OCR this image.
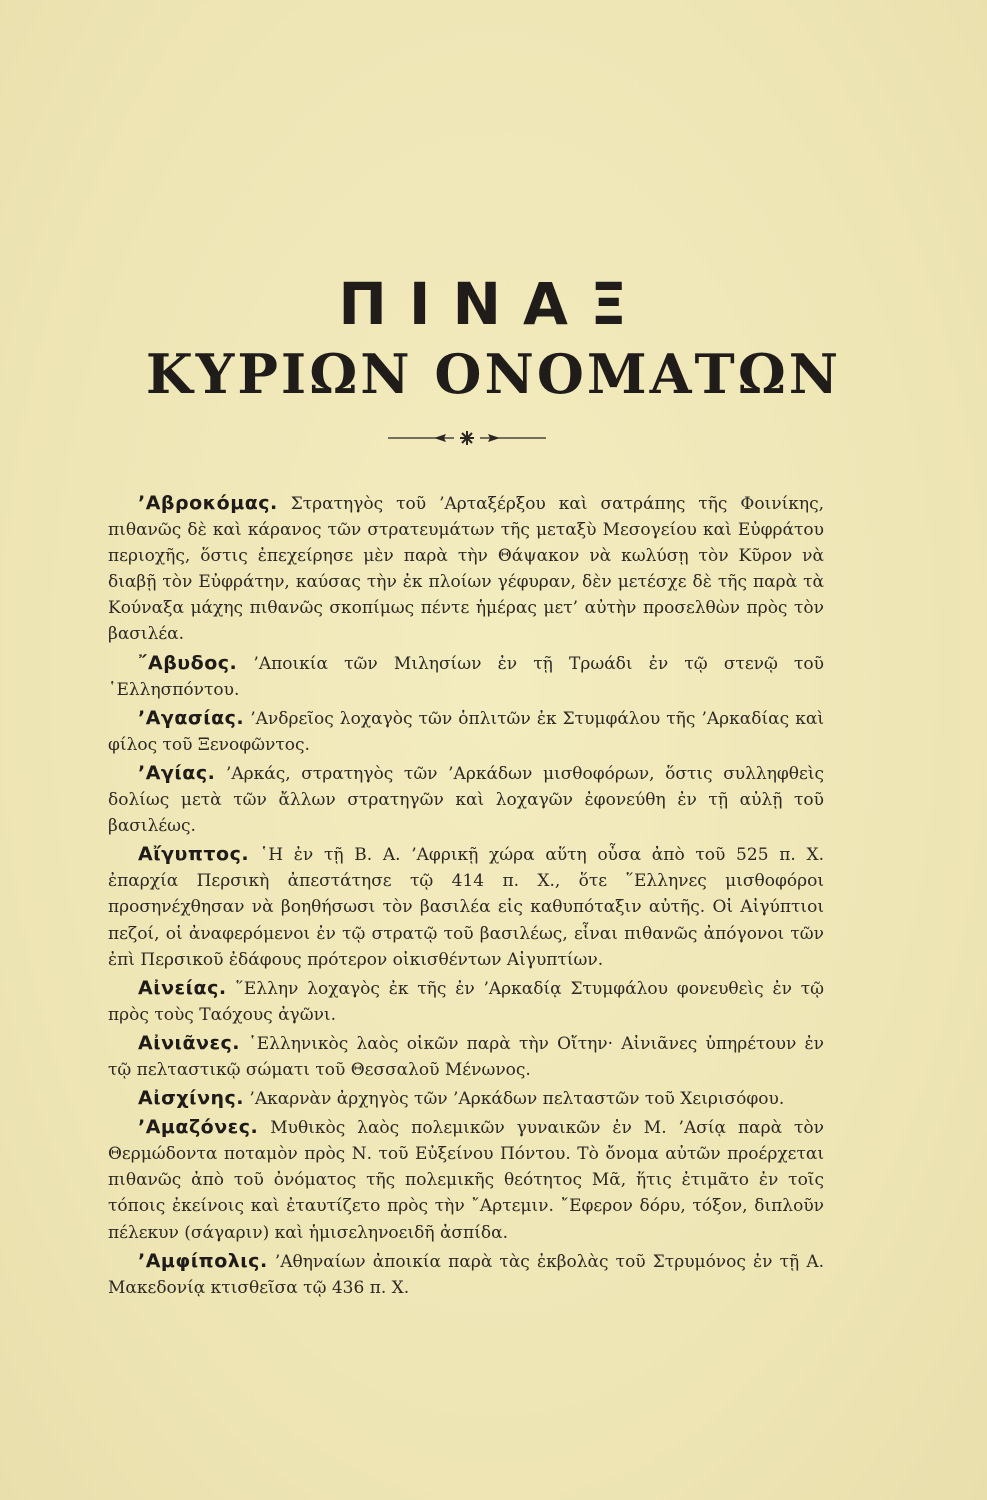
ΠΙΝΑΞ
ΚΥΡΙΩΝ ΟΝΟΜΑΤΩΝ

’Αβροκόμας. Στρατηγὸς τοῦ ’Αρταξέρξου καὶ σατράπης τῆς Φοινίκης, πιθανῶς δὲ καὶ κάρανος τῶν στρατευμάτων τῆς μεταξὺ Μεσογείου καὶ Εὐφράτου περιοχῆς, ὅστις ἐπεχείρησε μὲν παρὰ τὴν Θάψακον νὰ κωλύσῃ τὸν Κῦρον νὰ διαβῇ τὸν Εὐφράτην, καύσας τὴν ἐκ πλοίων γέφυραν, δὲν μετέσχε δὲ τῆς παρὰ τὰ Κούναξα μάχης πιθανῶς σκοπίμως πέντε ἡμέρας μετ’ αὐτὴν προσελθὼν πρὸς τὸν βασιλέα.

῎Αβυδος. ’Αποικία τῶν Μιλησίων ἐν τῇ Τρωάδι ἐν τῷ στενῷ τοῦ ῾Ελλησπόντου.

’Αγασίας. ’Ανδρεῖος λοχαγὸς τῶν ὁπλιτῶν ἐκ Στυμφάλου τῆς ’Αρκαδίας καὶ φίλος τοῦ Ξενοφῶντος.

’Αγίας. ’Αρκάς, στρατηγὸς τῶν ’Αρκάδων μισθοφόρων, ὅστις συλληφθεὶς δολίως μετὰ τῶν ἄλλων στρατηγῶν καὶ λοχαγῶν ἐφονεύθη ἐν τῇ αὐλῇ τοῦ βασιλέως.

Αἴγυπτος. ῾Η ἐν τῇ Β. Α. ’Αφρικῇ χώρα αὕτη οὖσα ἀπὸ τοῦ 525 π. Χ. ἐπαρχία Περσικὴ ἀπεστάτησε τῷ 414 π. Χ., ὅτε ῞Ελληνες μισθοφόροι προσηνέχθησαν νὰ βοηθήσωσι τὸν βασιλέα εἰς καθυπόταξιν αὐτῆς. Οἱ Αἰγύπτιοι πεζοί, οἱ ἀναφερόμενοι ἐν τῷ στρατῷ τοῦ βασιλέως, εἶναι πιθανῶς ἀπόγονοι τῶν ἐπὶ Περσικοῦ ἐδάφους πρότερον οἰκισθέντων Αἰγυπτίων.

Αἰνείας. ῞Ελλην λοχαγὸς ἐκ τῆς ἐν ’Αρκαδίᾳ Στυμφάλου φονευθεὶς ἐν τῷ πρὸς τοὺς Ταόχους ἀγῶνι.

Αἰνιᾶνες. ῾Ελληνικὸς λαὸς οἰκῶν παρὰ τὴν Οἴτην· Αἰνιᾶνες ὑπηρέτουν ἐν τῷ πελταστικῷ σώματι τοῦ Θεσσαλοῦ Μένωνος.

Αἰσχίνης. ’Ακαρνὰν ἀρχηγὸς τῶν ’Αρκάδων πελταστῶν τοῦ Χειρισόφου.

’Αμαζόνες. Μυθικὸς λαὸς πολεμικῶν γυναικῶν ἐν Μ. ’Ασίᾳ παρὰ τὸν Θερμώδοντα ποταμὸν πρὸς Ν. τοῦ Εὐξείνου Πόντου. Τὸ ὄνομα αὐτῶν προέρχεται πιθανῶς ἀπὸ τοῦ ὀνόματος τῆς πολεμικῆς θεότητος Μᾶ, ἥτις ἐτιμᾶτο ἐν τοῖς τόποις ἐκείνοις καὶ ἐταυτίζετο πρὸς τὴν ῎Αρτεμιν. ῎Εφερον δόρυ, τόξον, διπλοῦν πέλεκυν (σάγαριν) καὶ ἡμισεληνοειδῆ ἀσπίδα.

’Αμφίπολις. ’Αθηναίων ἀποικία παρὰ τὰς ἐκβολὰς τοῦ Στρυμόνος ἐν τῇ Α. Μακεδονίᾳ κτισθεῖσα τῷ 436 π. Χ.
